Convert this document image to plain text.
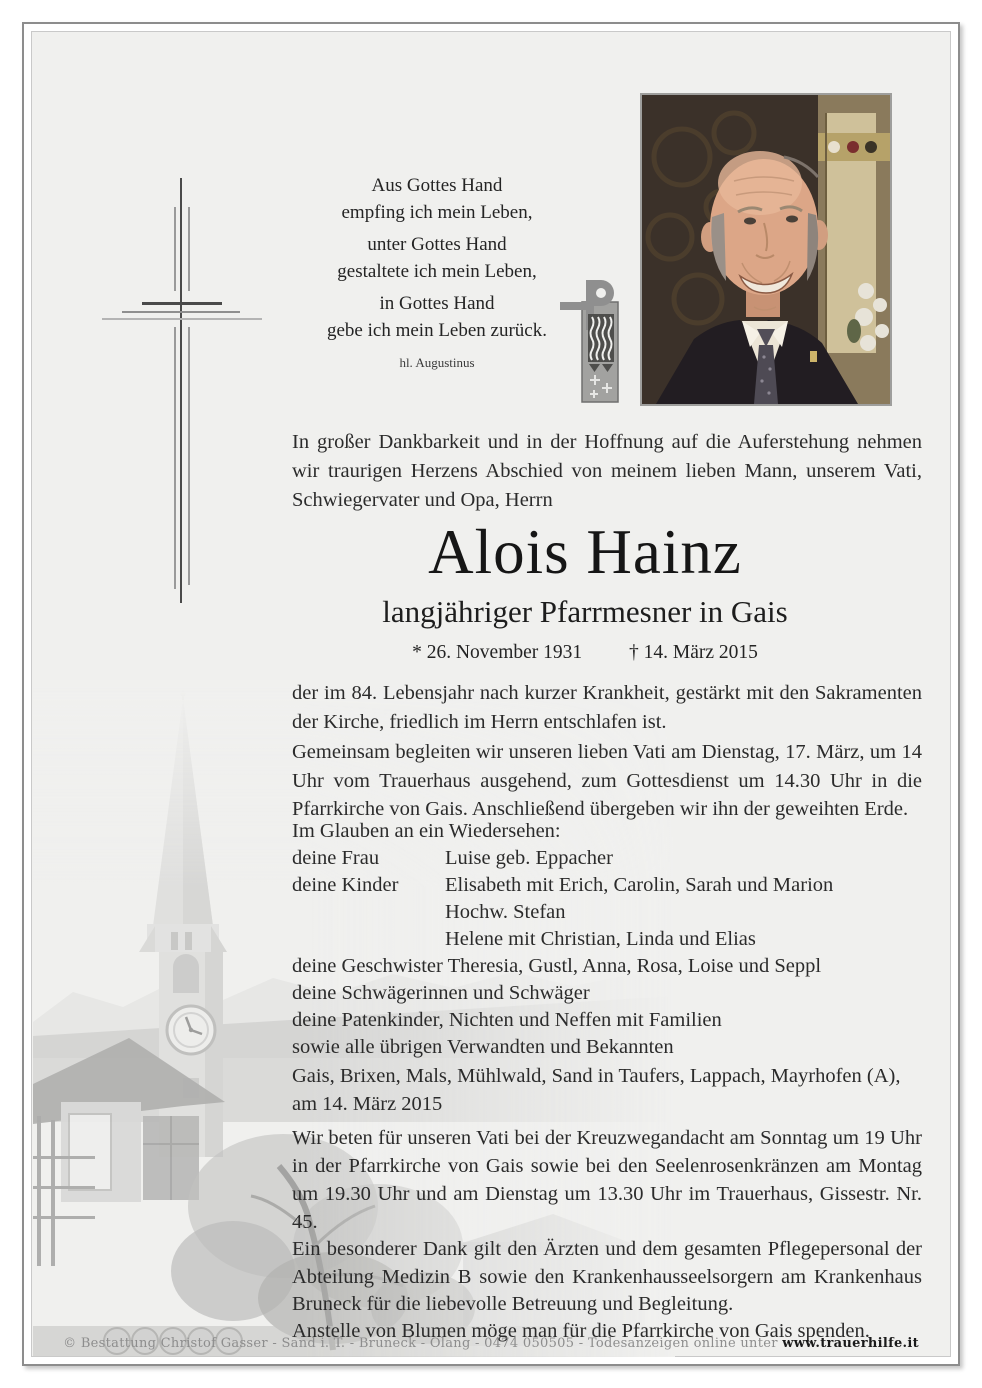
Aus Gottes Hand
empfing ich mein Leben,
unter Gottes Hand
gestaltete ich mein Leben,
in Gottes Hand
gebe ich mein Leben zurück.
hl. Augustinus

In großer Dankbarkeit und in der Hoffnung auf die Auferstehung nehmen wir traurigen Herzens Abschied von meinem lieben Mann, unserem Vati, Schwiegervater und Opa, Herrn

Alois Hainz
langjähriger Pfarrmesner in Gais
* 26. November 1931 † 14. März 2015

der im 84. Lebensjahr nach kurzer Krankheit, gestärkt mit den Sakramenten der Kirche, friedlich im Herrn entschlafen ist.

Gemeinsam begleiten wir unseren lieben Vati am Dienstag, 17. März, um 14 Uhr vom Trauerhaus ausgehend, zum Gottesdienst um 14.30 Uhr in die Pfarrkirche von Gais. Anschließend übergeben wir ihn der geweihten Erde.

Im Glauben an ein Wiedersehen:
deine Frau	Luise geb. Eppacher
deine Kinder Elisabeth mit Erich, Carolin, Sarah und Marion
Hochw. Stefan
Helene mit Christian, Linda und Elias
deine Geschwister Theresia, Gustl, Anna, Rosa, Loise und Seppl
deine Schwägerinnen und Schwäger
deine Patenkinder, Nichten und Neffen mit Familien
sowie alle übrigen Verwandten und Bekannten
Gais, Brixen, Mals, Mühlwald, Sand in Taufers, Lappach, Mayrhofen (A),
am 14. März 2015

Wir beten für unseren Vati bei der Kreuzwegandacht am Sonntag um 19 Uhr in der Pfarrkirche von Gais sowie bei den Seelenrosenkränzen am Montag um 19.30 Uhr und am Dienstag um 13.30 Uhr im Trauerhaus, Gissestr. Nr. 45.

Ein besonderer Dank gilt den Ärzten und dem gesamten Pflegepersonal der Abteilung Medizin B sowie den Krankenhausseelsorgern am Krankenhaus Bruneck für die liebevolle Betreuung und Begleitung.

Anstelle von Blumen möge man für die Pfarrkirche von Gais spenden.

© Bestattung Christof Gasser - Sand i. T. - Bruneck - Olang - 0474 050505 - Todesanzeigen online unter www.trauerhilfe.it
